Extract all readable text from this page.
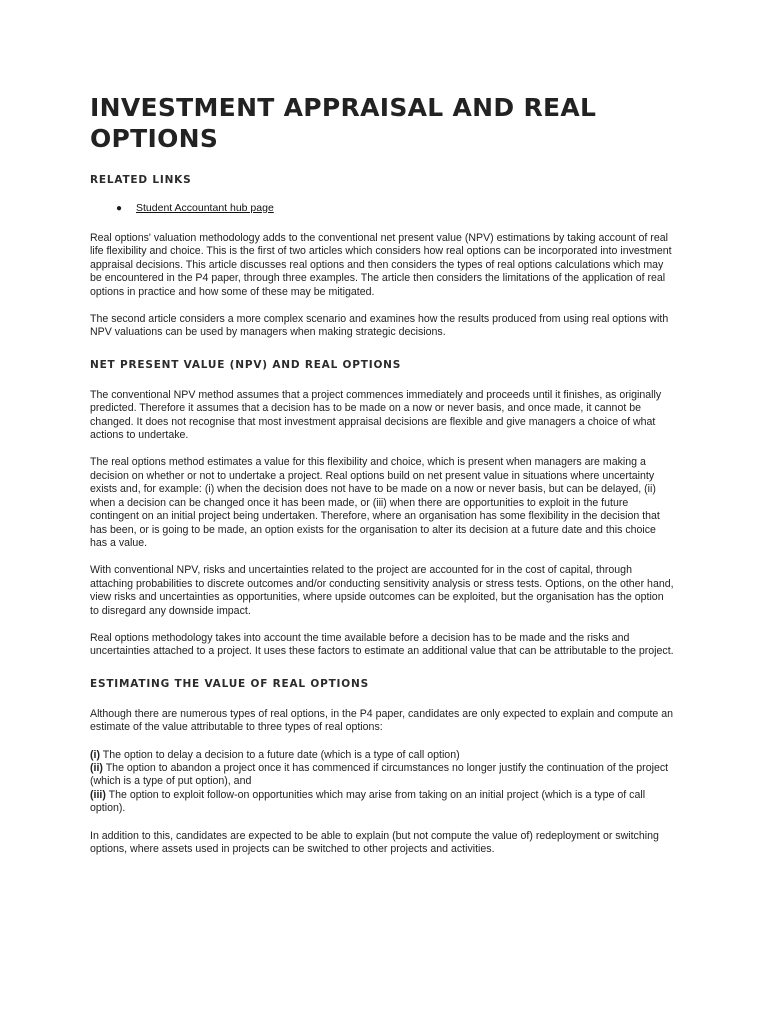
INVESTMENT APPRAISAL AND REAL OPTIONS
RELATED LINKS
● Student Accountant hub page

Real options' valuation methodology adds to the conventional net present value (NPV) estimations by taking account of real life flexibility and choice. This is the first of two articles which considers how real options can be incorporated into investment appraisal decisions. This article discusses real options and then considers the types of real options calculations which may be encountered in the P4 paper, through three examples. The article then considers the limitations of the application of real options in practice and how some of these may be mitigated.

The second article considers a more complex scenario and examines how the results produced from using real options with NPV valuations can be used by managers when making strategic decisions.

NET PRESENT VALUE (NPV) AND REAL OPTIONS

The conventional NPV method assumes that a project commences immediately and proceeds until it finishes, as originally predicted. Therefore it assumes that a decision has to be made on a now or never basis, and once made, it cannot be changed. It does not recognise that most investment appraisal decisions are flexible and give managers a choice of what actions to undertake.

The real options method estimates a value for this flexibility and choice, which is present when managers are making a decision on whether or not to undertake a project. Real options build on net present value in situations where uncertainty exists and, for example: (i) when the decision does not have to be made on a now or never basis, but can be delayed, (ii) when a decision can be changed once it has been made, or (iii) when there are opportunities to exploit in the future contingent on an initial project being undertaken. Therefore, where an organisation has some flexibility in the decision that has been, or is going to be made, an option exists for the organisation to alter its decision at a future date and this choice has a value.

With conventional NPV, risks and uncertainties related to the project are accounted for in the cost of capital, through attaching probabilities to discrete outcomes and/or conducting sensitivity analysis or stress tests. Options, on the other hand, view risks and uncertainties as opportunities, where upside outcomes can be exploited, but the organisation has the option to disregard any downside impact.

Real options methodology takes into account the time available before a decision has to be made and the risks and uncertainties attached to a project. It uses these factors to estimate an additional value that can be attributable to the project.

ESTIMATING THE VALUE OF REAL OPTIONS

Although there are numerous types of real options, in the P4 paper, candidates are only expected to explain and compute an estimate of the value attributable to three types of real options:

(i) The option to delay a decision to a future date (which is a type of call option)
(ii) The option to abandon a project once it has commenced if circumstances no longer justify the continuation of the project (which is a type of put option), and
(iii) The option to exploit follow-on opportunities which may arise from taking on an initial project (which is a type of call option).

In addition to this, candidates are expected to be able to explain (but not compute the value of) redeployment or switching options, where assets used in projects can be switched to other projects and activities.
